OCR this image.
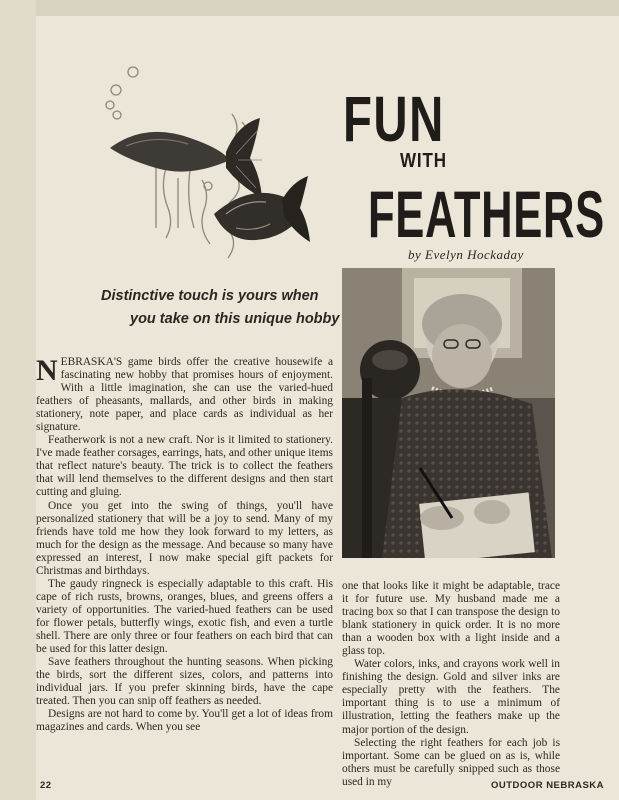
FUN
WITH
FEATHERS
by Evelyn Hockaday
Distinctive touch is yours when
you take on this unique hobby

NEBRASKA'S game birds offer the creative housewife a fascinating new hobby that promises hours of enjoyment. With a little imagination, she can use the varied-hued feathers of pheasants, mallards, and other birds in making stationery, note paper, and place cards as individual as her signature.

Featherwork is not a new craft. Nor is it limited to stationery. I've made feather corsages, earrings, hats, and other unique items that reflect nature's beauty. The trick is to collect the feathers that will lend themselves to the different designs and then start cutting and gluing.

Once you get into the swing of things, you'll have personalized stationery that will be a joy to send. Many of my friends have told me how they look forward to my letters, as much for the design as the message. And because so many have expressed an interest, I now make special gift packets for Christmas and birthdays.

The gaudy ringneck is especially adaptable to this craft. His cape of rich rusts, browns, oranges, blues, and greens offers a variety of opportunities. The varied-hued feathers can be used for flower petals, butterfly wings, exotic fish, and even a turtle shell. There are only three or four feathers on each bird that can be used for this latter design.

Save feathers throughout the hunting seasons. When picking the birds, sort the different sizes, colors, and patterns into individual jars. If you prefer skinning birds, have the cape treated. Then you can snip off feathers as needed.

Designs are not hard to come by. You'll get a lot of ideas from magazines and cards. When you see

one that looks like it might be adaptable, trace it for future use. My husband made me a tracing box so that I can transpose the design to blank stationery in quick order. It is no more than a wooden box with a light inside and a glass top.

Water colors, inks, and crayons work well in finishing the design. Gold and silver inks are especially pretty with the feathers. The important thing is to use a minimum of illustration, letting the feathers make up the major portion of the design.

Selecting the right feathers for each job is important. Some can be glued on as is, while others must be carefully snipped such as those used in my

22	OUTDOOR NEBRASKA
